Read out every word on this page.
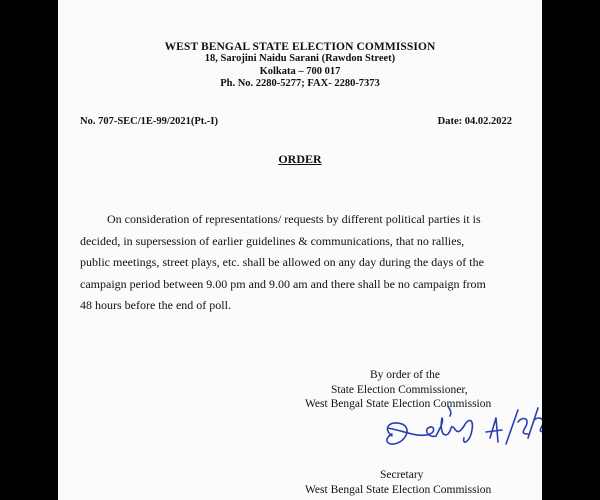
WEST BENGAL STATE ELECTION COMMISSION
18, Sarojini Naidu Sarani (Rawdon Street)
Kolkata – 700 017
Ph. No. 2280-5277; FAX- 2280-7373
No. 707-SEC/1E-99/2021(Pt.-I)	Date: 04.02.2022
ORDER
On consideration of representations/ requests by different political parties it is
decided, in supersession of earlier guidelines & communications, that no rallies,
public meetings, street plays, etc. shall be allowed on any day during the days of the
campaign period between 9.00 pm and 9.00 am and there shall be no campaign from
48 hours before the end of poll.
By order of the
State Election Commissioner,
West Bengal State Election Commission
Secretary
West Bengal State Election Commission
